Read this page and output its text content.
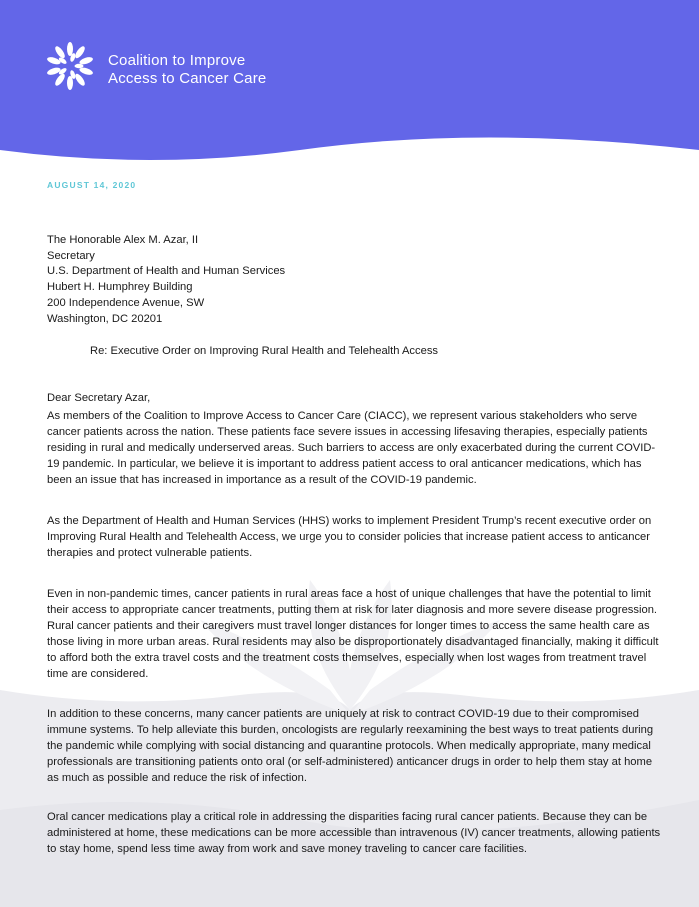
Coalition to Improve
Access to Cancer Care
AUGUST 14, 2020
The Honorable Alex M. Azar, II
Secretary
U.S. Department of Health and Human Services
Hubert H. Humphrey Building
200 Independence Avenue, SW
Washington, DC 20201
Re: Executive Order on Improving Rural Health and Telehealth Access
Dear Secretary Azar,

As members of the Coalition to Improve Access to Cancer Care (CIACC), we represent various stakeholders who serve cancer patients across the nation. These patients face severe issues in accessing lifesaving therapies, especially patients residing in rural and medically underserved areas. Such barriers to access are only exacerbated during the current COVID-19 pandemic. In particular, we believe it is important to address patient access to oral anticancer medications, which has been an issue that has increased in importance as a result of the COVID-19 pandemic.

As the Department of Health and Human Services (HHS) works to implement President Trump’s recent executive order on Improving Rural Health and Telehealth Access, we urge you to consider policies that increase patient access to anticancer therapies and protect vulnerable patients.

Even in non-pandemic times, cancer patients in rural areas face a host of unique challenges that have the potential to limit their access to appropriate cancer treatments, putting them at risk for later diagnosis and more severe disease progression. Rural cancer patients and their caregivers must travel longer distances for longer times to access the same health care as those living in more urban areas. Rural residents may also be disproportionately disadvantaged financially, making it difficult to afford both the extra travel costs and the treatment costs themselves, especially when lost wages from treatment travel time are considered.

In addition to these concerns, many cancer patients are uniquely at risk to contract COVID-19 due to their compromised immune systems. To help alleviate this burden, oncologists are regularly reexamining the best ways to treat patients during the pandemic while complying with social distancing and quarantine protocols. When medically appropriate, many medical professionals are transitioning patients onto oral (or self-administered) anticancer drugs in order to help them stay at home as much as possible and reduce the risk of infection.

Oral cancer medications play a critical role in addressing the disparities facing rural cancer patients. Because they can be administered at home, these medications can be more accessible than intravenous (IV) cancer treatments, allowing patients to stay home, spend less time away from work and save money traveling to cancer care facilities.
